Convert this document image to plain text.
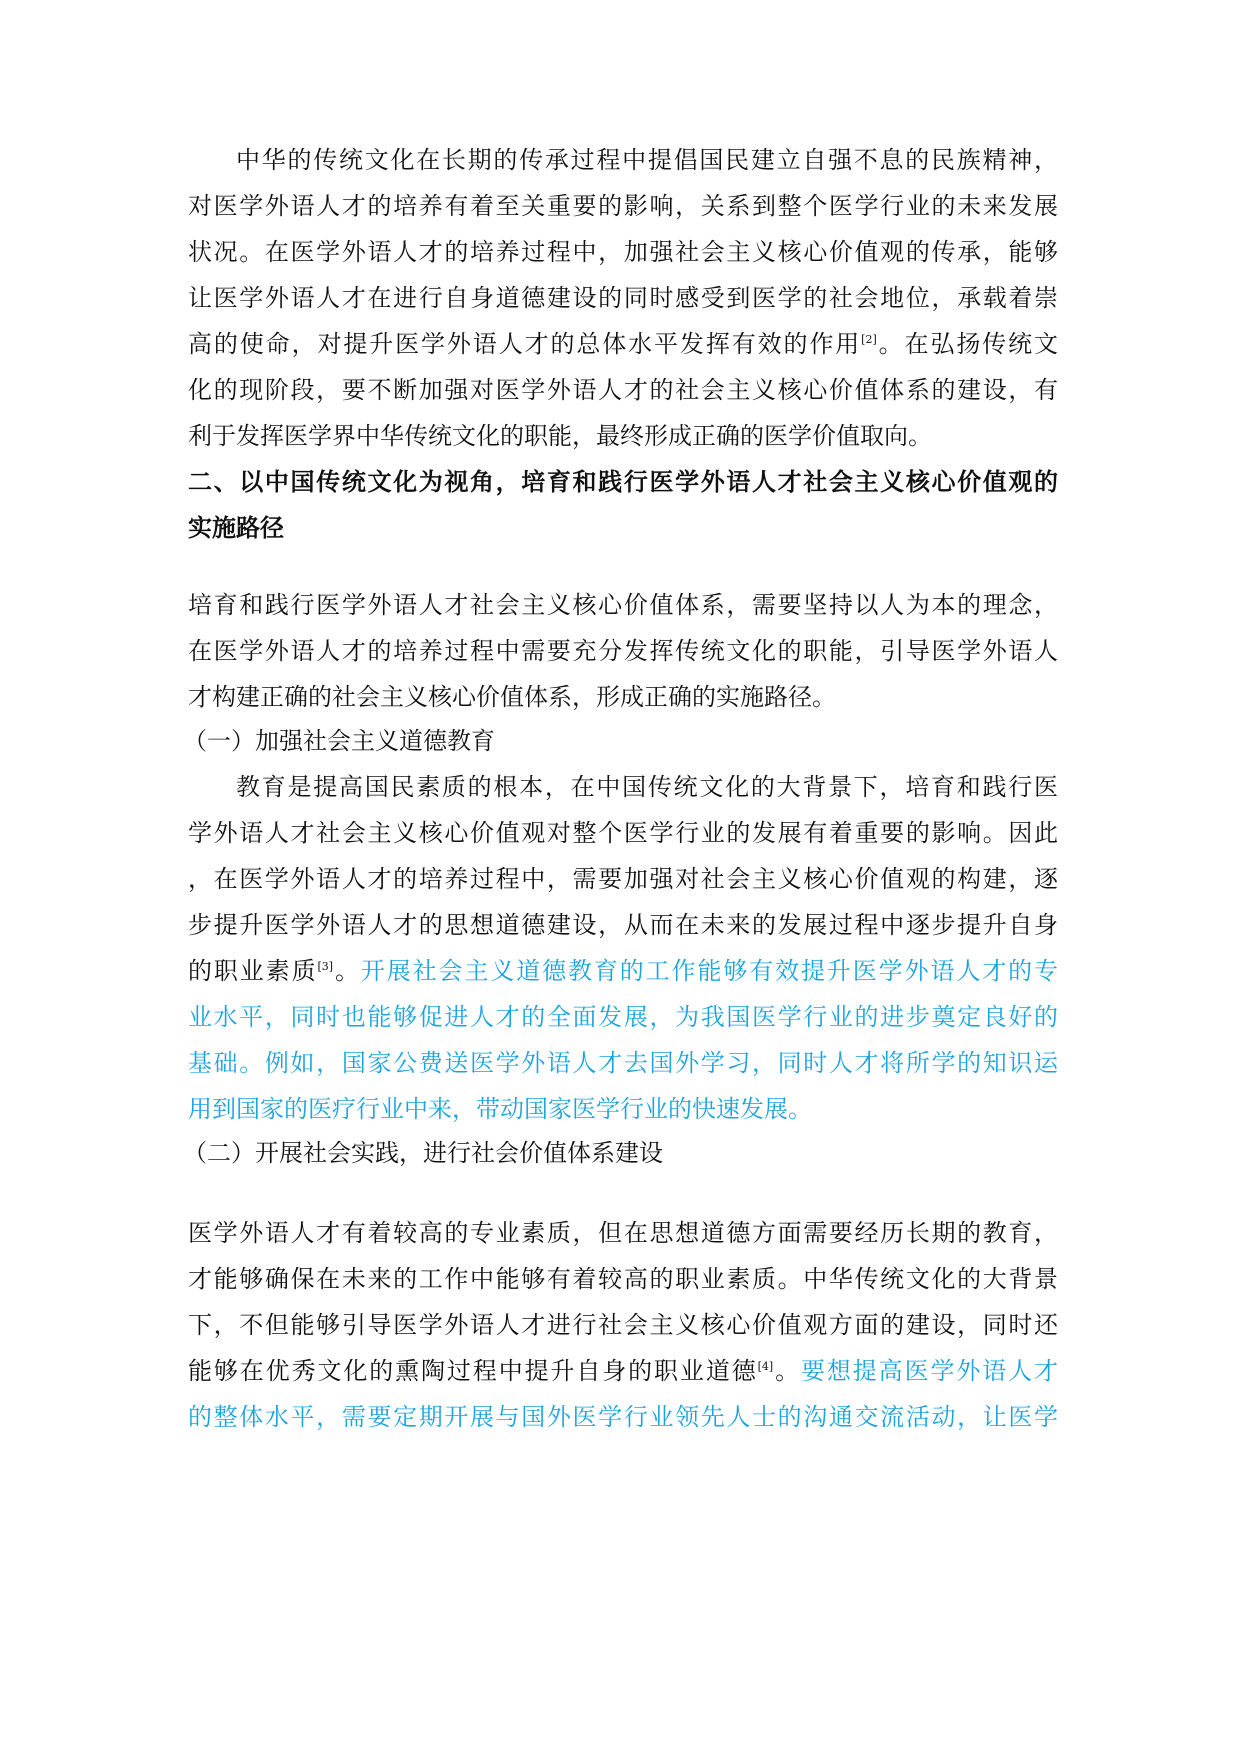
中华的传统文化在长期的传承过程中提倡国民建立自强不息的民族精神，
对医学外语人才的培养有着至关重要的影响，关系到整个医学行业的未来发展
状况。在医学外语人才的培养过程中，加强社会主义核心价值观的传承，能够
让医学外语人才在进行自身道德建设的同时感受到医学的社会地位，承载着崇
高的使命，对提升医学外语人才的总体水平发挥有效的作用[2]。在弘扬传统文
化的现阶段，要不断加强对医学外语人才的社会主义核心价值体系的建设，有
利于发挥医学界中华传统文化的职能，最终形成正确的医学价值取向。
二、以中国传统文化为视角，培育和践行医学外语人才社会主义核心价值观的
实施路径
培育和践行医学外语人才社会主义核心价值体系，需要坚持以人为本的理念，
在医学外语人才的培养过程中需要充分发挥传统文化的职能，引导医学外语人
才构建正确的社会主义核心价值体系，形成正确的实施路径。
（一）加强社会主义道德教育
教育是提高国民素质的根本，在中国传统文化的大背景下，培育和践行医
学外语人才社会主义核心价值观对整个医学行业的发展有着重要的影响。因此
，在医学外语人才的培养过程中，需要加强对社会主义核心价值观的构建，逐
步提升医学外语人才的思想道德建设，从而在未来的发展过程中逐步提升自身
的职业素质[3]。开展社会主义道德教育的工作能够有效提升医学外语人才的专
业水平，同时也能够促进人才的全面发展，为我国医学行业的进步奠定良好的
基础。例如，国家公费送医学外语人才去国外学习，同时人才将所学的知识运
用到国家的医疗行业中来，带动国家医学行业的快速发展。
（二）开展社会实践，进行社会价值体系建设
医学外语人才有着较高的专业素质，但在思想道德方面需要经历长期的教育，
才能够确保在未来的工作中能够有着较高的职业素质。中华传统文化的大背景
下，不但能够引导医学外语人才进行社会主义核心价值观方面的建设，同时还
能够在优秀文化的熏陶过程中提升自身的职业道德[4]。要想提高医学外语人才
的整体水平，需要定期开展与国外医学行业领先人士的沟通交流活动，让医学
